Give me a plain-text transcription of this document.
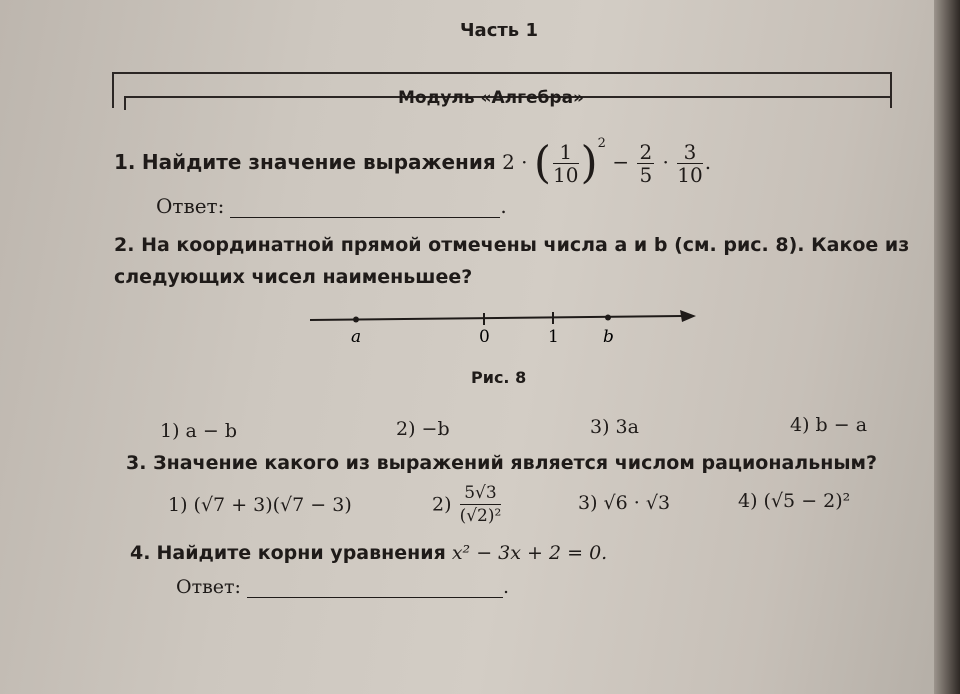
Часть 1
Модуль «Алгебра»
1. Найдите значение выражения 2 · ( $\frac{1}{10} )^2 - \frac{2}{5} \cdot \frac{3}{10}$ .
Ответ:	.
2. На координатной прямой отмечены числа a и b (см. рис. 8). Какое из
следующих чисел наименьшее?
a	0	1	b
Рис. 8
1) a − b	2) −b	3) 3a	4) b − a
3. Значение какого из выражений является числом рациональным?
1) (√7 + 3)(√7 − 3)	$2) \frac{5√3}{\text{(√2)²}}$	3) √6 · √3	4) (√5 − 2)²
4. Найдите корни уравнения x² − 3x + 2 = 0.
Ответ:	.
